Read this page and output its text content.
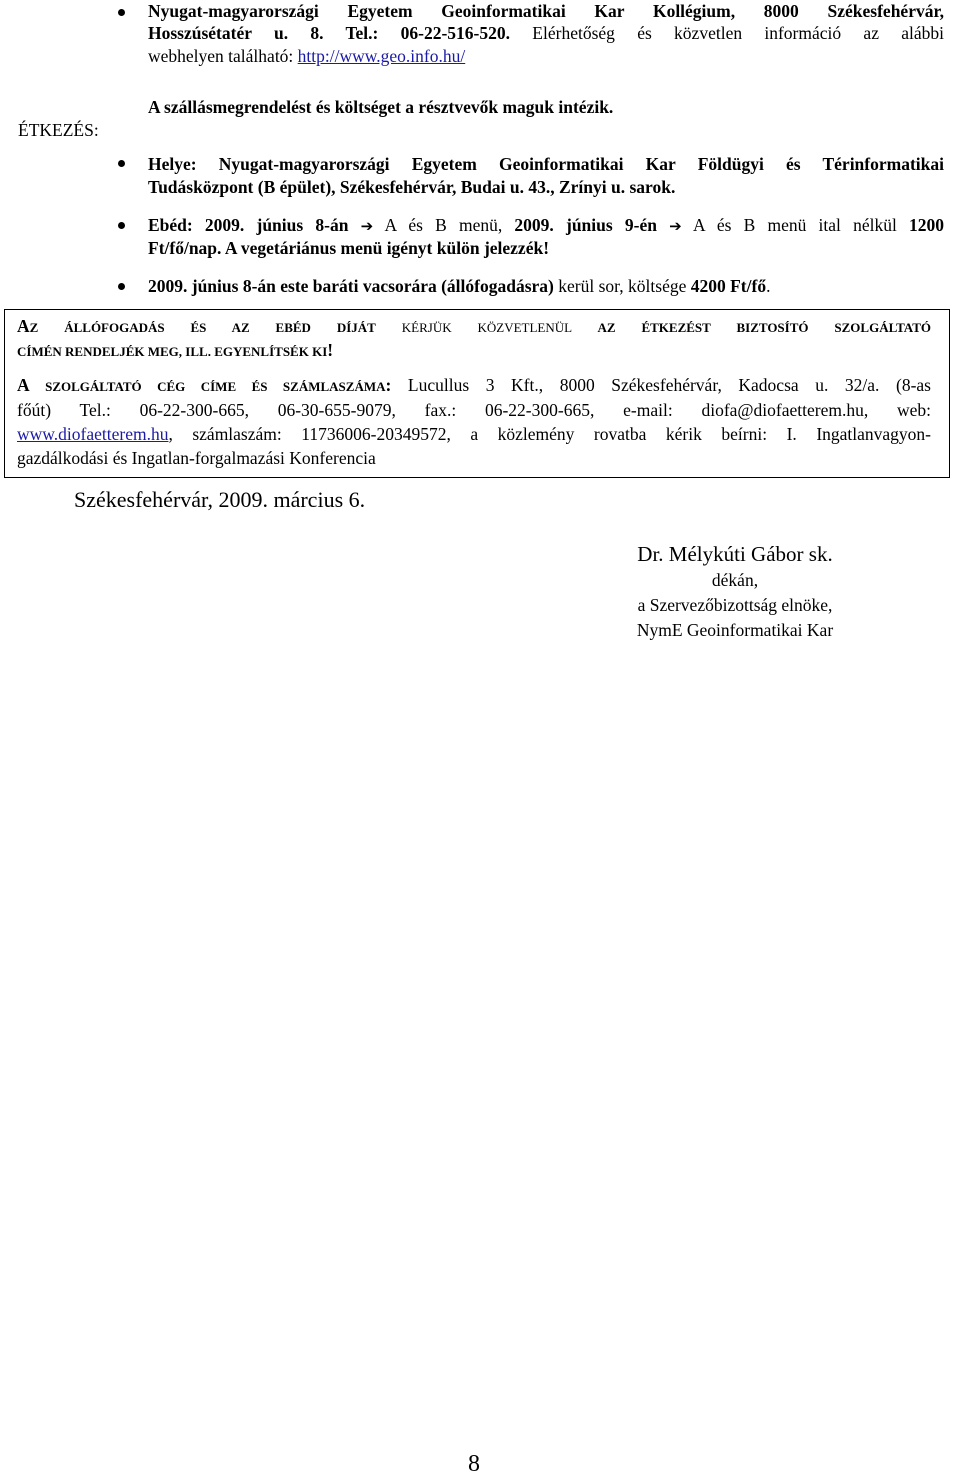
Nyugat-magyarországi Egyetem Geoinformatikai Kar Kollégium, 8000 Székesfehérvár,
Hosszúsétatér u. 8. Tel.: 06-22-516-520. Elérhetőség és közvetlen információ az alábbi
webhelyen található: http://www.geo.info.hu/
ÉTKEZÉS:
A szállásmegrendelést és költséget a résztvevők maguk intézik.
Helye: Nyugat-magyarországi Egyetem Geoinformatikai Kar Földügyi és Térinformatikai
Tudásközpont (B épület), Székesfehérvár, Budai u. 43., Zrínyi u. sarok.
Ebéd: 2009. június 8-án ➔ A és B menü, 2009. június 9-én ➔ A és B menü ital nélkül 1200
Ft/fő/nap. A vegetáriánus menü igényt külön jelezzék!
2009. június 8-án este baráti vacsorára (állófogadásra) kerül sor, költsége 4200 Ft/fő.
AZ ÁLLÓFOGADÁS ÉS AZ EBÉD DÍJÁT KÉRJÜK KÖZVETLENÜL AZ ÉTKEZÉST BIZTOSÍTÓ SZOLGÁLTATÓ
CÍMÉN RENDELJÉK MEG, ILL. EGYENLÍTSÉK KI!
A SZOLGÁLTATÓ CÉG CÍME ÉS SZÁMLASZÁMA: Lucullus 3 Kft., 8000 Székesfehérvár, Kadocsa u. 32/a. (8-as
főút) Tel.: 06-22-300-665, 06-30-655-9079, fax.: 06-22-300-665, e-mail: diofa@diofaetterem.hu, web:
www.diofaetterem.hu, számlaszám: 11736006-20349572, a közlemény rovatba kérik beírni: I. Ingatlanvagyon-
gazdálkodási és Ingatlan-forgalmazási Konferencia
Székesfehérvár, 2009. március 6.
Dr. Mélykúti Gábor sk.
dékán,
a Szervezőbizottság elnöke,
NymE Geoinformatikai Kar
8
